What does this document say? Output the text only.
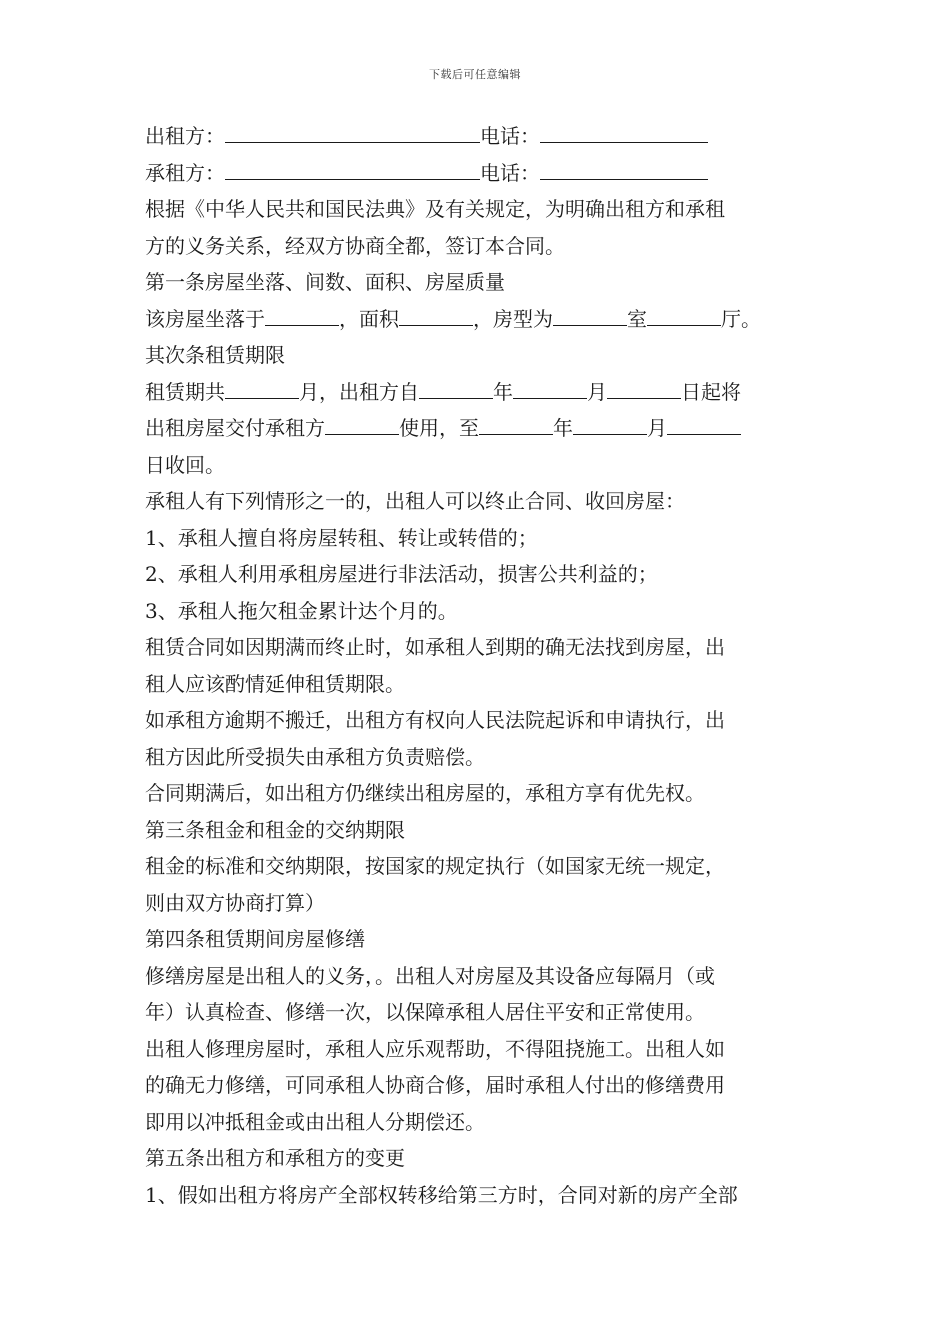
下载后可任意编辑
出租方：	电话：
承租方：	电话：
根据《中华人民共和国民法典》及有关规定，为明确出租方和承租
方的义务关系，经双方协商全都，签订本合同。
第一条房屋坐落、间数、面积、房屋质量
该房屋坐落于	，面积	，房型为	室	厅。
其次条租赁期限
租赁期共	月，出租方自	年	月	日起将
出租房屋交付承租方	使用，至	年	月
日收回。
承租人有下列情形之一的，出租人可以终止合同、收回房屋：
1、承租人擅自将房屋转租、转让或转借的；
2、承租人利用承租房屋进行非法活动，损害公共利益的；
3、承租人拖欠租金累计达个月的。
租赁合同如因期满而终止时，如承租人到期的确无法找到房屋，出
租人应该酌情延伸租赁期限。
如承租方逾期不搬迁，出租方有权向人民法院起诉和申请执行，出
租方因此所受损失由承租方负责赔偿。
合同期满后，如出租方仍继续出租房屋的，承租方享有优先权。
第三条租金和租金的交纳期限
租金的标准和交纳期限，按国家的规定执行（如国家无统一规定，
则由双方协商打算）
第四条租赁期间房屋修缮
修缮房屋是出租人的义务，。出租人对房屋及其设备应每隔月（或
年）认真检查、修缮一次，以保障承租人居住平安和正常使用。
出租人修理房屋时，承租人应乐观帮助，不得阻挠施工。出租人如
的确无力修缮，可同承租人协商合修，届时承租人付出的修缮费用
即用以冲抵租金或由出租人分期偿还。
第五条出租方和承租方的变更
1、假如出租方将房产全部权转移给第三方时，合同对新的房产全部
